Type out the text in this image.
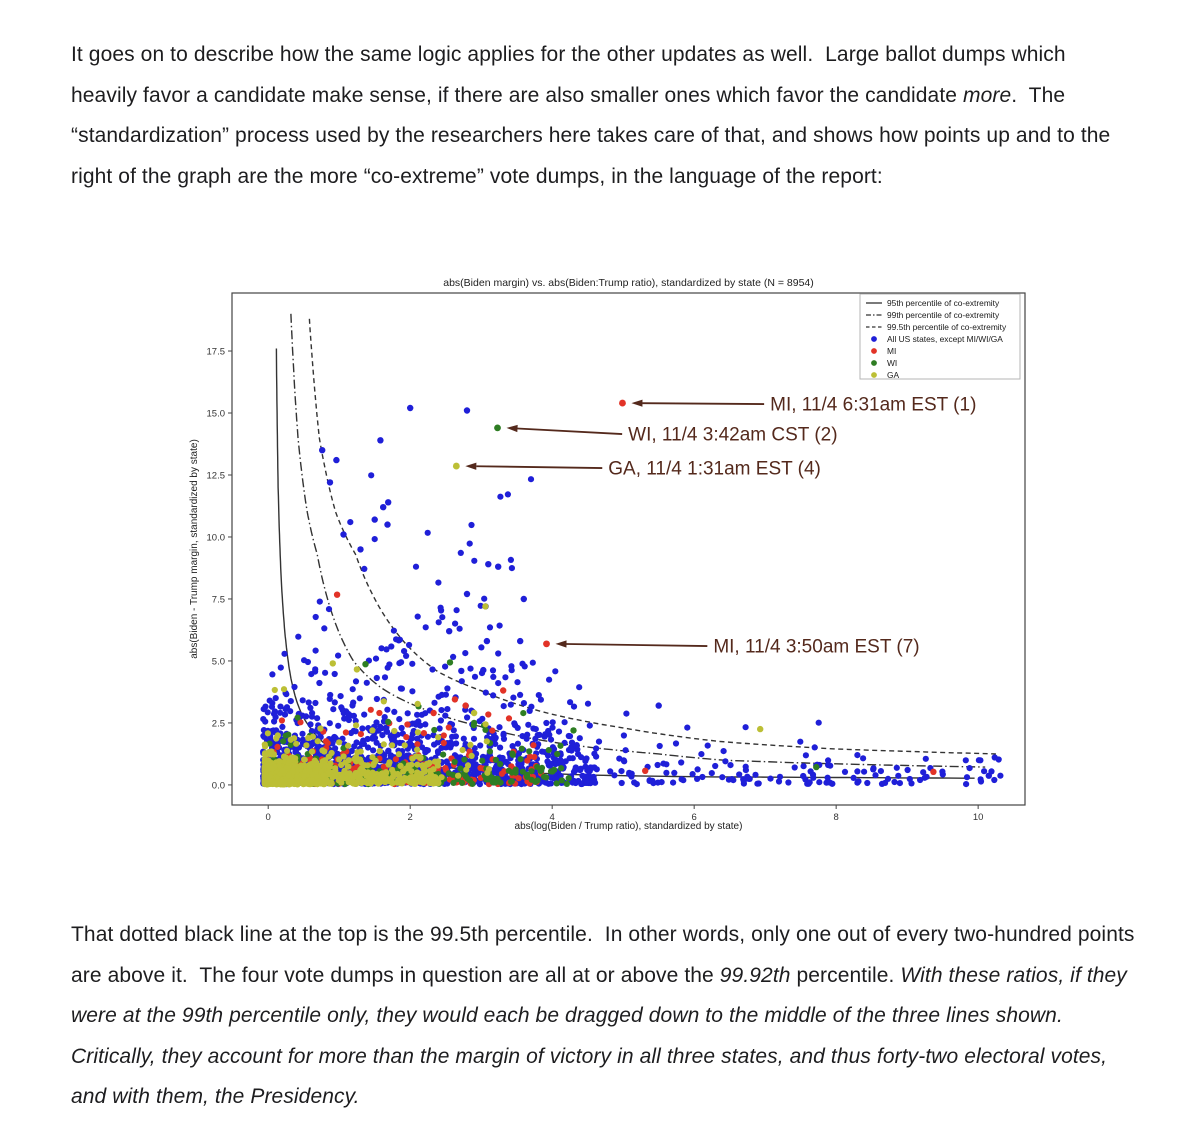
It goes on to describe how the same logic applies for the other updates as well.  Large ballot dumps which heavily favor a candidate make sense, if there are also smaller ones which favor the candidate more.  The “standardization” process used by the researchers here takes care of that, and shows how points up and to the right of the graph are the more “co-extreme” vote dumps, in the language of the report:

abs(Biden margin) vs. abs(Biden:Trump ratio), standardized by state (N = 8954)
abs(log(Biden / Trump ratio), standardized by state)
abs(Biden - Trump margin, standardized by state)
0	2	4	6	8	10
0.0
2.5
5.0
7.5
10.0
12.5
15.0
17.5
MI, 11/4 6:31am EST (1)
WI, 11/4 3:42am CST (2)
GA, 11/4 1:31am EST (4)
MI, 11/4 3:50am EST (7)
95th percentile of co-extremity
99th percentile of co-extremity
99.5th percentile of co-extremity
All US states, except MI/WI/GA
MI
WI
GA

That dotted black line at the top is the 99.5th percentile.  In other words, only one out of every two-hundred points are above it.  The four vote dumps in question are all at or above the 99.92th percentile. With these ratios, if they were at the 99th percentile only, they would each be dragged down to the middle of the three lines shown.  Critically, they account for more than the margin of victory in all three states, and thus forty-two electoral votes, and with them, the Presidency.
